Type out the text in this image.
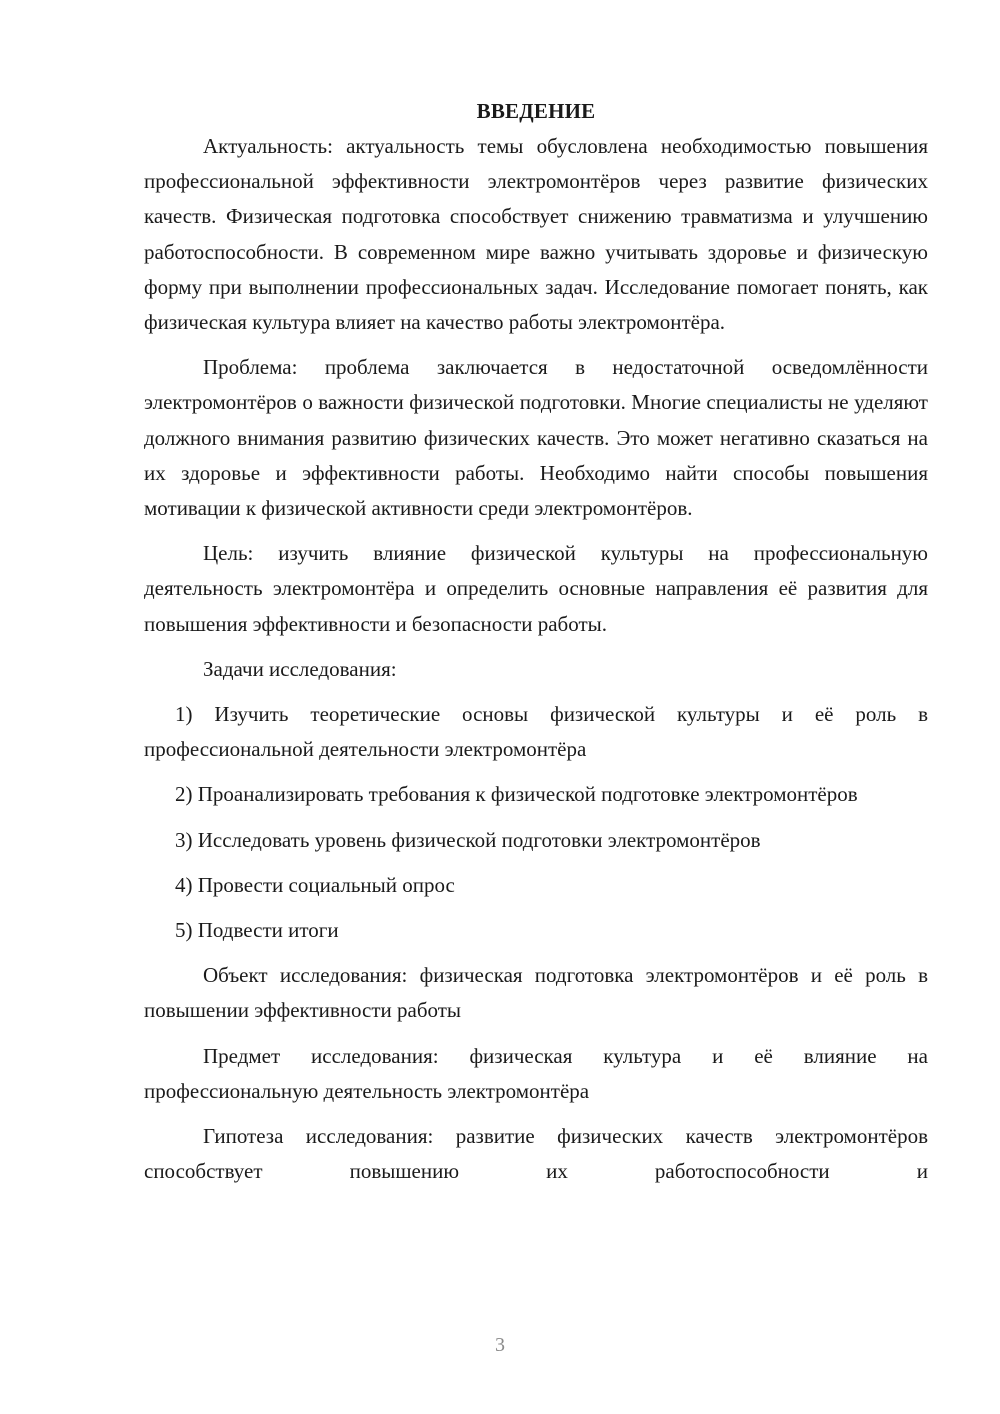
ВВЕДЕНИЕ

Актуальность: актуальность темы обусловлена необходимостью повышения профессиональной эффективности электромонтёров через развитие физических качеств. Физическая подготовка способствует снижению травматизма и улучшению работоспособности. В современном мире важно учитывать здоровье и физическую форму при выполнении профессиональных задач. Исследование помогает понять, как физическая культура влияет на качество работы электромонтёра.

Проблема: проблема заключается в недостаточной осведомлённости электромонтёров о важности физической подготовки. Многие специалисты не уделяют должного внимания развитию физических качеств. Это может негативно сказаться на их здоровье и эффективности работы. Необходимо найти способы повышения мотивации к физической активности среди электромонтёров.

Цель: изучить влияние физической культуры на профессиональную деятельность электромонтёра и определить основные направления её развития для повышения эффективности и безопасности работы.

Задачи исследования:

1) Изучить теоретические основы физической культуры и её роль в профессиональной деятельности электромонтёра

2) Проанализировать требования к физической подготовке электромонтёров

3) Исследовать уровень физической подготовки электромонтёров

4) Провести социальный опрос

5) Подвести итоги

Объект исследования: физическая подготовка электромонтёров и её роль в повышении эффективности работы

Предмет исследования: физическая культура и её влияние на профессиональную деятельность электромонтёра

Гипотеза исследования: развитие физических качеств электромонтёров способствует повышению их работоспособности и

3
